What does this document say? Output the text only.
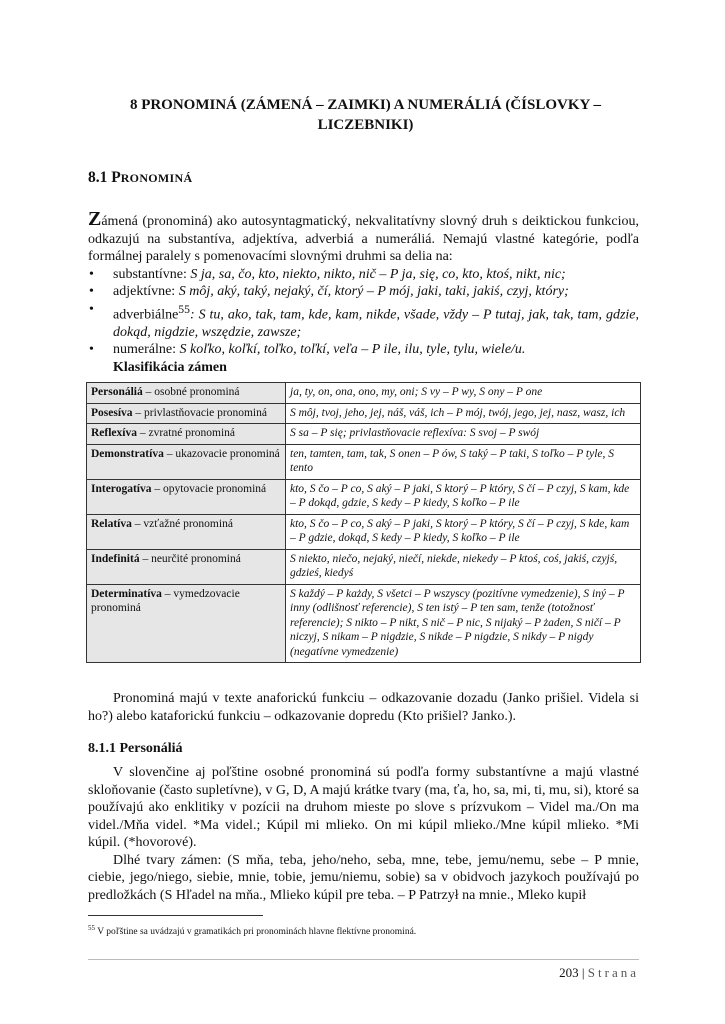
8 PRONOMINÁ (ZÁMENÁ – ZAIMKI) A NUMERÁLIÁ (ČÍSLOVKY – LICZEBNIKI)
8.1 PRONOMINÁ
Zámená (pronominá) ako autosyntagmatický, nekvalitatívny slovný druh s deiktickou funkciou, odkazujú na substantíva, adjektíva, adverbiá a numeráliá. Nemajú vlastné kategórie, podľa formálnej paralely s pomenovacími slovnými druhmi sa delia na:
• substantívne: S ja, sa, čo, kto, niekto, nikto, nič – P ja, się, co, kto, ktoś, nikt, nic;
• adjektívne: S môj, aký, taký, nejaký, čí, ktorý – P mój, jaki, taki, jakiś, czyj, który;
• adverbiálne$^{55}$: S tu, ako, tak, tam, kde, kam, nikde, všade, vždy – P tutaj, jak, tak, tam, gdzie, dokąd, nigdzie, wszędzie, zawsze;
• numerálne: S koľko, koľkí, toľko, toľkí, veľa – P ile, ilu, tyle, tylu, wiele/u.
Klasifikácia zámen
Personáliá – osobné pronominá	ja, ty, on, ona, ono, my, oni; S vy – P wy, S ony – P one
Posesíva – privlastňovacie pronominá	S môj, tvoj, jeho, jej, náš, váš, ich – P mój, twój, jego, jej, nasz, wasz, ich
Reflexíva – zvratné pronominá	S sa – P się; privlastňovacie reflexíva: S svoj – P swój
Demonstratíva – ukazovacie pronominá	ten, tamten, tam, tak, S onen – P ów, S taký – P taki, S toľko – P tyle, S tento
Interogatíva – opytovacie pronominá	kto, S čo – P co, S aký – P jaki, S ktorý – P który, S čí – P czyj, S kam, kde – P dokąd, gdzie, S kedy – P kiedy, S koľko – P ile
Relatíva – vzťažné pronominá	kto, S čo – P co, S aký – P jaki, S ktorý – P który, S čí – P czyj, S kde, kam – P gdzie, dokąd, S kedy – P kiedy, S koľko – P ile
Indefinitá – neurčité pronominá	S niekto, niečo, nejaký, niečí, niekde, niekedy – P ktoś, coś, jakiś, czyjś, gdzieś, kiedyś
Determinatíva – vymedzovacie pronominá	S každý – P każdy, S všetci – P wszyscy (pozitívne vymedzenie), S iný – P inny (odlišnosť referencie), S ten istý – P ten sam, tenže (totožnosť referencie); S nikto – P nikt, S nič – P nic, S nijaký – P żaden, S ničí – P niczyj, S nikam – P nigdzie, S nikde – P nigdzie, S nikdy – P nigdy (negatívne vymedzenie)
Pronominá majú v texte anaforickú funkciu – odkazovanie dozadu (Janko prišiel. Videla si ho?) alebo kataforickú funkciu – odkazovanie dopredu (Kto prišiel? Janko.).
8.1.1 Personáliá
V slovenčine aj poľštine osobné pronominá sú podľa formy substantívne a majú vlastné skloňovanie (často supletívne), v G, D, A majú krátke tvary (ma, ťa, ho, sa, mi, ti, mu, si), ktoré sa používajú ako enklitiky v pozícii na druhom mieste po slove s prízvukom – Videl ma./On ma videl./Mňa videl. *Ma videl.; Kúpil mi mlieko. On mi kúpil mlieko./Mne kúpil mlieko. *Mi kúpil. (*hovorové).
Dlhé tvary zámen: (S mňa, teba, jeho/neho, seba, mne, tebe, jemu/nemu, sebe – P mnie, ciebie, jego/niego, siebie, mnie, tobie, jemu/niemu, sobie) sa v obidvoch jazykoch používajú po predložkách (S Hľadel na mňa., Mlieko kúpil pre teba. – P Patrzył na mnie., Mleko kupił
$^{55}$ V poľštine sa uvádzajú v gramatikách pri pronominách hlavne flektívne pronominá.
203 | Strana
